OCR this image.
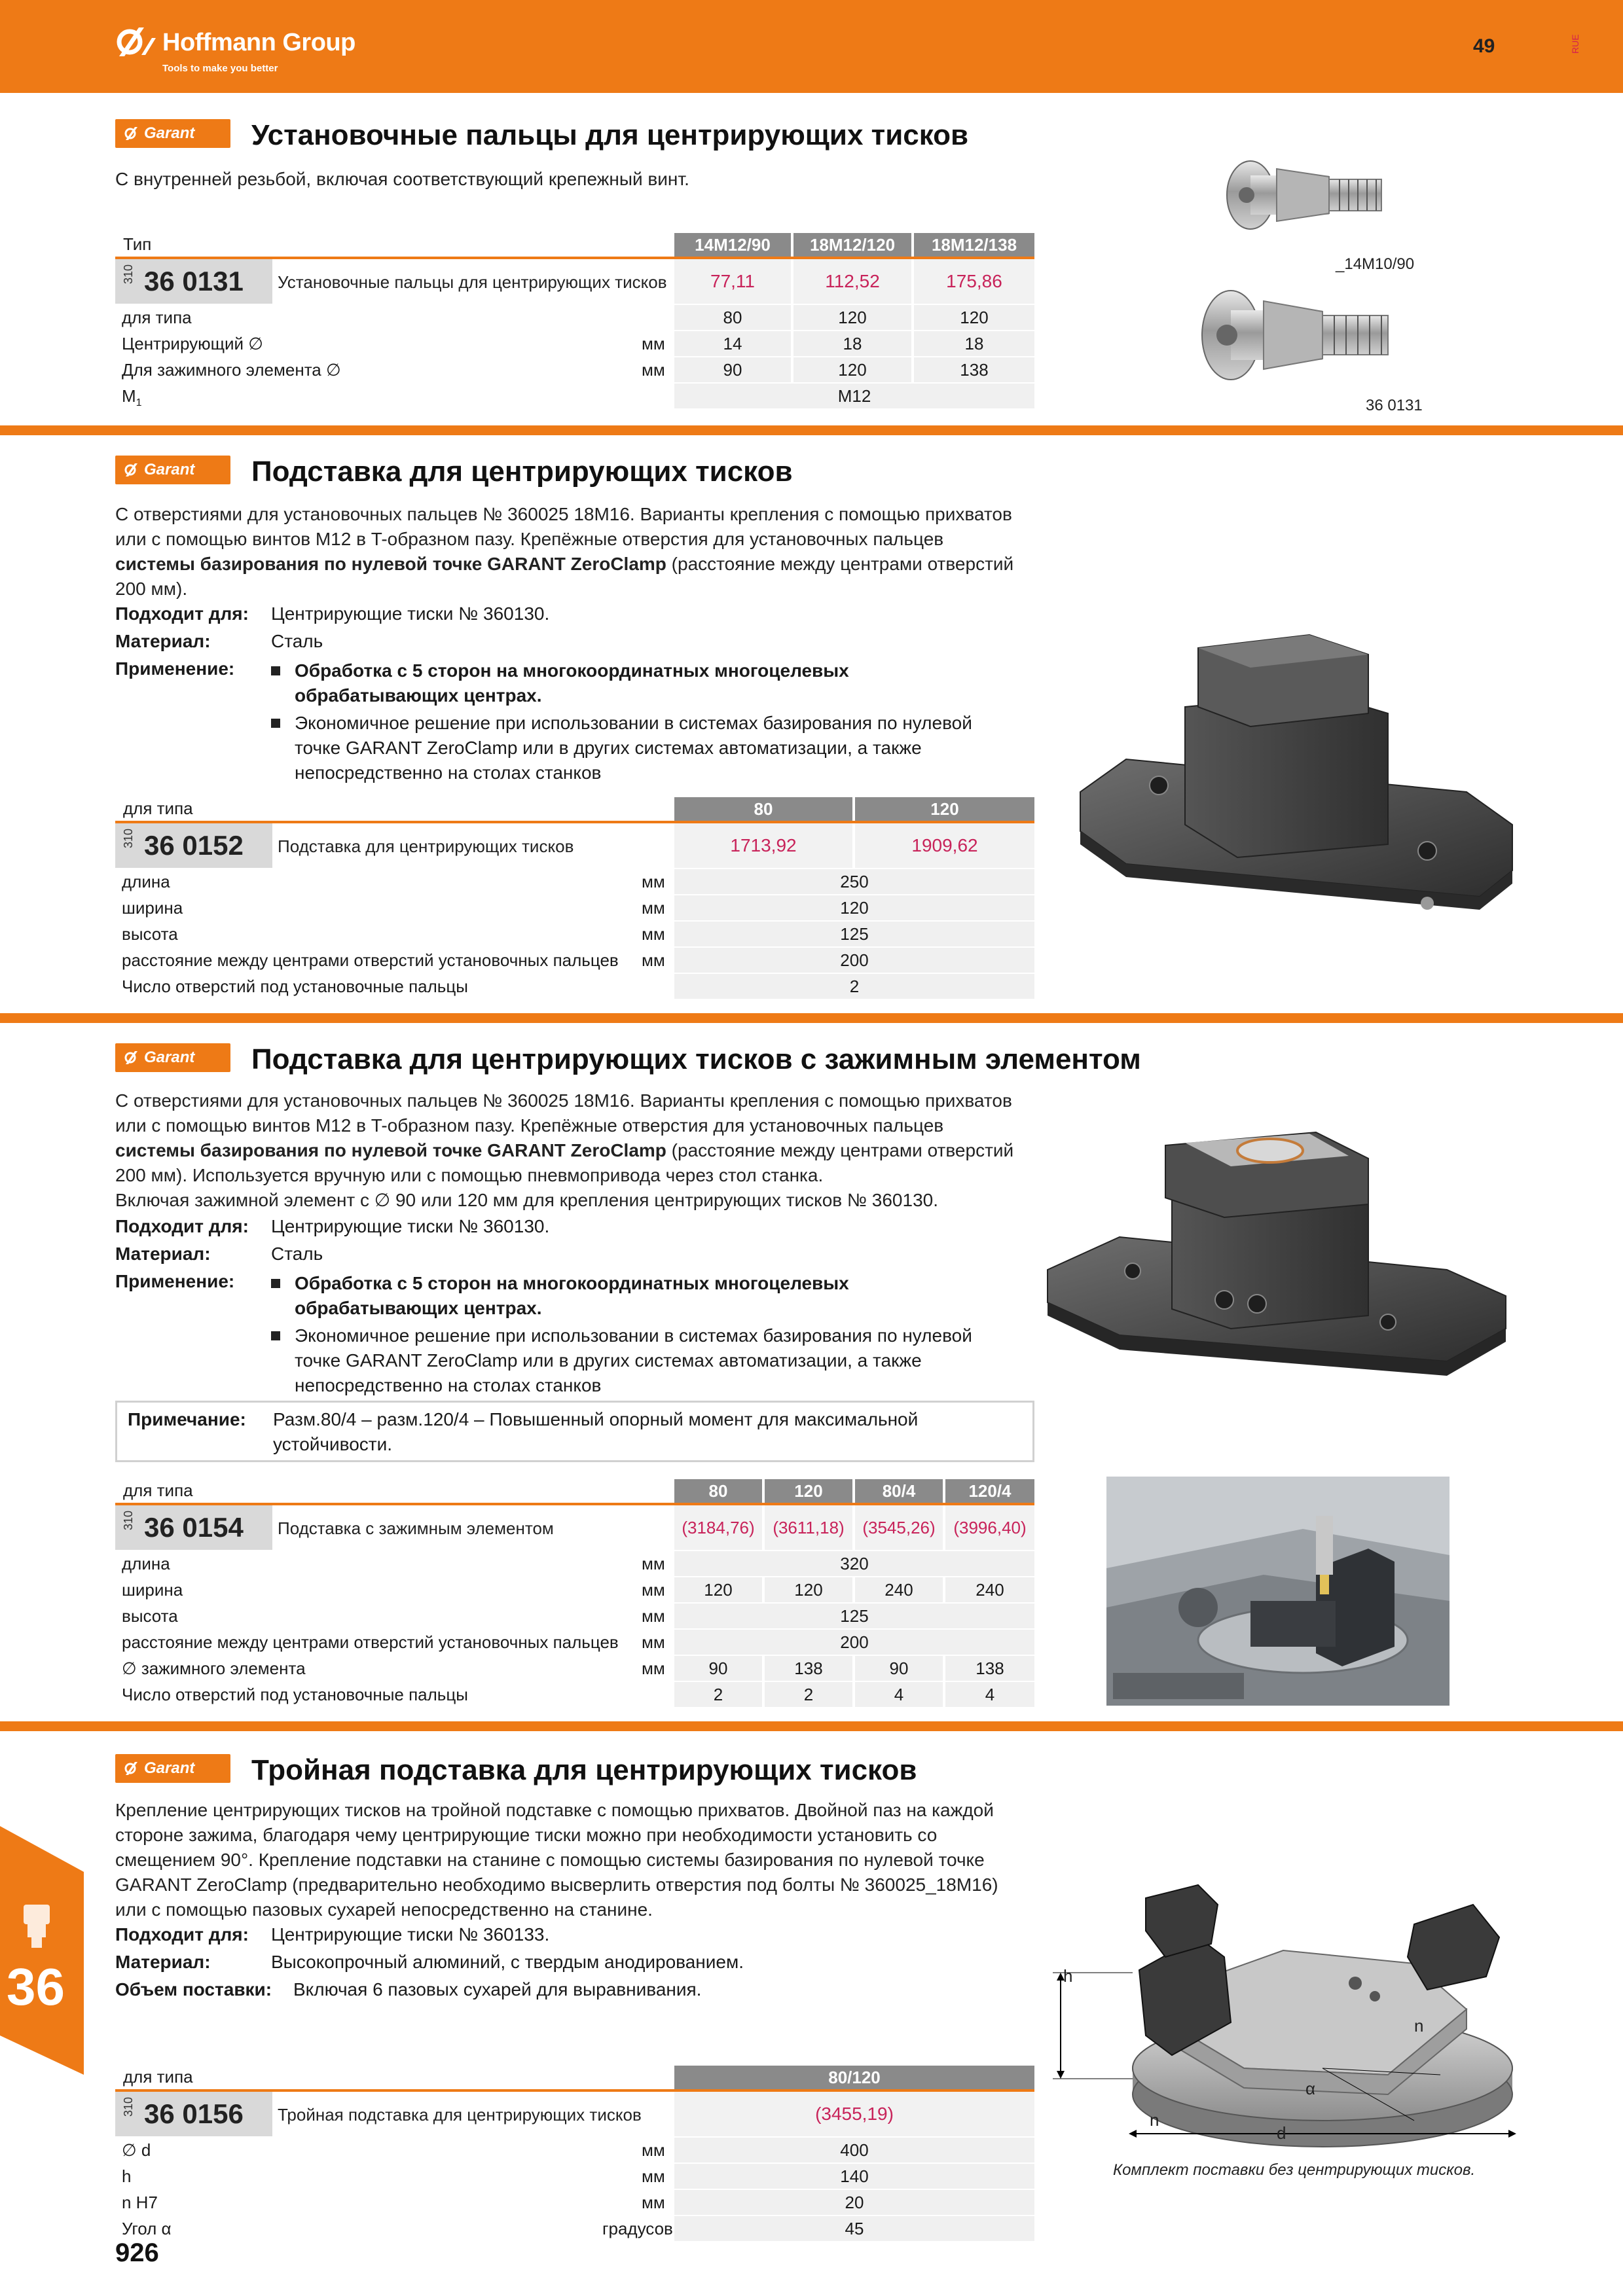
Hoffmann Group
Tools to make you better
49	RUE
Garant Установочные пальцы для центрирующих тисков
С внутренней резьбой, включая соответствующий крепежный винт.
Тип	14M12/90	18M12/120	18M12/138
310 36 0131 Установочные пальцы для центрирующих тисков	77,11	112,52	175,86
для типа	80	120	120
Центрирующий ∅	мм	14	18	18
Для зажимного элемента ∅	мм	90	120	138
$M_1$	M12
_14M10/90
36 0131
Garant Подставка для центрирующих тисков
С отверстиями для установочных пальцев № 360025 18M16. Варианты крепления с помощью прихватов
или с помощью винтов M12 в T-образном пазу. Крепёжные отверстия для установочных пальцев
системы базирования по нулевой точке GARANT ZeroClamp (расстояние между центрами отверстий
200 мм).
Подходит для: Центрирующие тиски № 360130.
Материал:	Сталь
Применение:	Обработка с 5 сторон на многокоординатных многоцелевых
обрабатывающих центрах.
Экономичное решение при использовании в системах базирования по нулевой
точке GARANT ZeroClamp или в других системах автоматизации, а также
непосредственно на столах станков
для типа	80	120
310 36 0152 Подставка для центрирующих тисков	1713,92	1909,62
длина	мм	250
ширина	мм	120
высота	мм	125
расстояние между центрами отверстий установочных пальцев мм	200
Число отверстий под установочные пальцы	2
Garant Подставка для центрирующих тисков с зажимным элементом
С отверстиями для установочных пальцев № 360025 18M16. Варианты крепления с помощью прихватов
или с помощью винтов M12 в T-образном пазу. Крепёжные отверстия для установочных пальцев
системы базирования по нулевой точке GARANT ZeroClamp (расстояние между центрами отверстий
200 мм). Используется вручную или с помощью пневмопривода через стол станка.
Включая зажимной элемент с ∅ 90 или 120 мм для крепления центрирующих тисков № 360130.
Подходит для: Центрирующие тиски № 360130.
Материал:	Сталь
Применение:	Обработка с 5 сторон на многокоординатных многоцелевых
обрабатывающих центрах.
Экономичное решение при использовании в системах базирования по нулевой
точке GARANT ZeroClamp или в других системах автоматизации, а также
непосредственно на столах станков
Примечание: Разм.80/4 – разм.120/4 – Повышенный опорный момент для максимальной
устойчивости.
для типа	80	120	80/4	120/4
310 36 0154 Подставка с зажимным элементом	(3184,76)	(3611,18)	(3545,26)	(3996,40)
длина	мм	320
ширина	мм	120	120	240	240
высота	мм	125
расстояние между центрами отверстий установочных пальцев мм	200
∅ зажимного элемента	мм	90	138	90	138
Число отверстий под установочные пальцы	2	2	4	4
Garant Тройная подставка для центрирующих тисков
Крепление центрирующих тисков на тройной подставке с помощью прихватов. Двойной паз на каждой
стороне зажима, благодаря чему центрирующие тиски можно при необходимости установить со
смещением 90°. Крепление подставки на станине с помощью системы базирования по нулевой точке
GARANT ZeroClamp (предварительно необходимо высверлить отверстия под болты № 360025_18M16)
или с помощью пазовых сухарей непосредственно на станине.
Подходит для: Центрирующие тиски № 360133.
Материал:	Высокопрочный алюминий, с твердым анодированием.
Объем поставки: Включая 6 пазовых сухарей для выравнивания.
для типа	80/120
310 36 0156 Тройная подставка для центрирующих тисков	(3455,19)
∅ d	мм	400
h	мм	140
n H7	мм	20
Угол α	градусов	45
h
n
n
d
α
Комплект поставки без центрирующих тисков.
36
926
